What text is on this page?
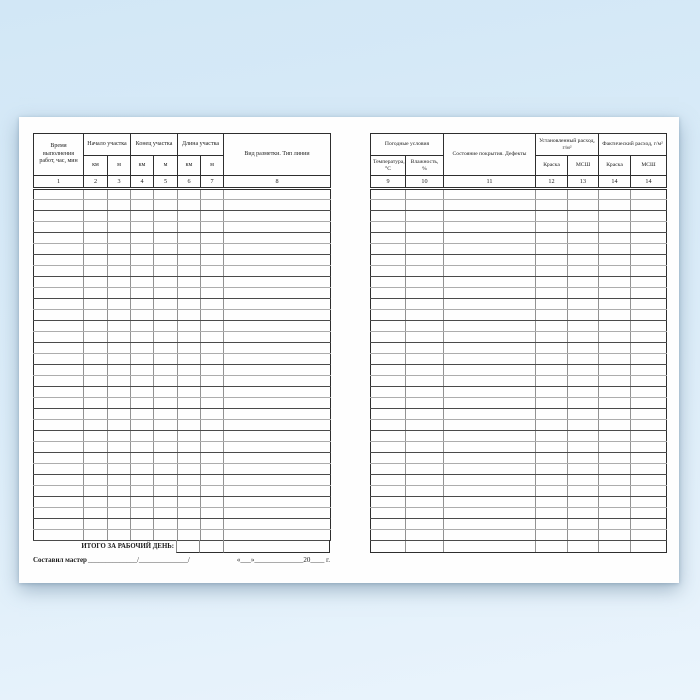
Время выполнения работ, час, мин	Начало участка		Конец участка		Длина участка		Вид разметки. Тип линии
	км	м	км	м	км	м	
1	2	3	4	5	6	7	8

ИТОГО ЗА РАБОЧИЙ ДЕНЬ:
Составил мастер ______________/ ______________/	«___»______________20____ г.
Погодные условия		Состояние покрытия. Дефекты	Установленный расход, г/м²		Фактический расход, г/м²	
Температура, °С	Влажность, %		Краска	МСШ	Краска	МСШ
9	10	11	12	13	14	14
